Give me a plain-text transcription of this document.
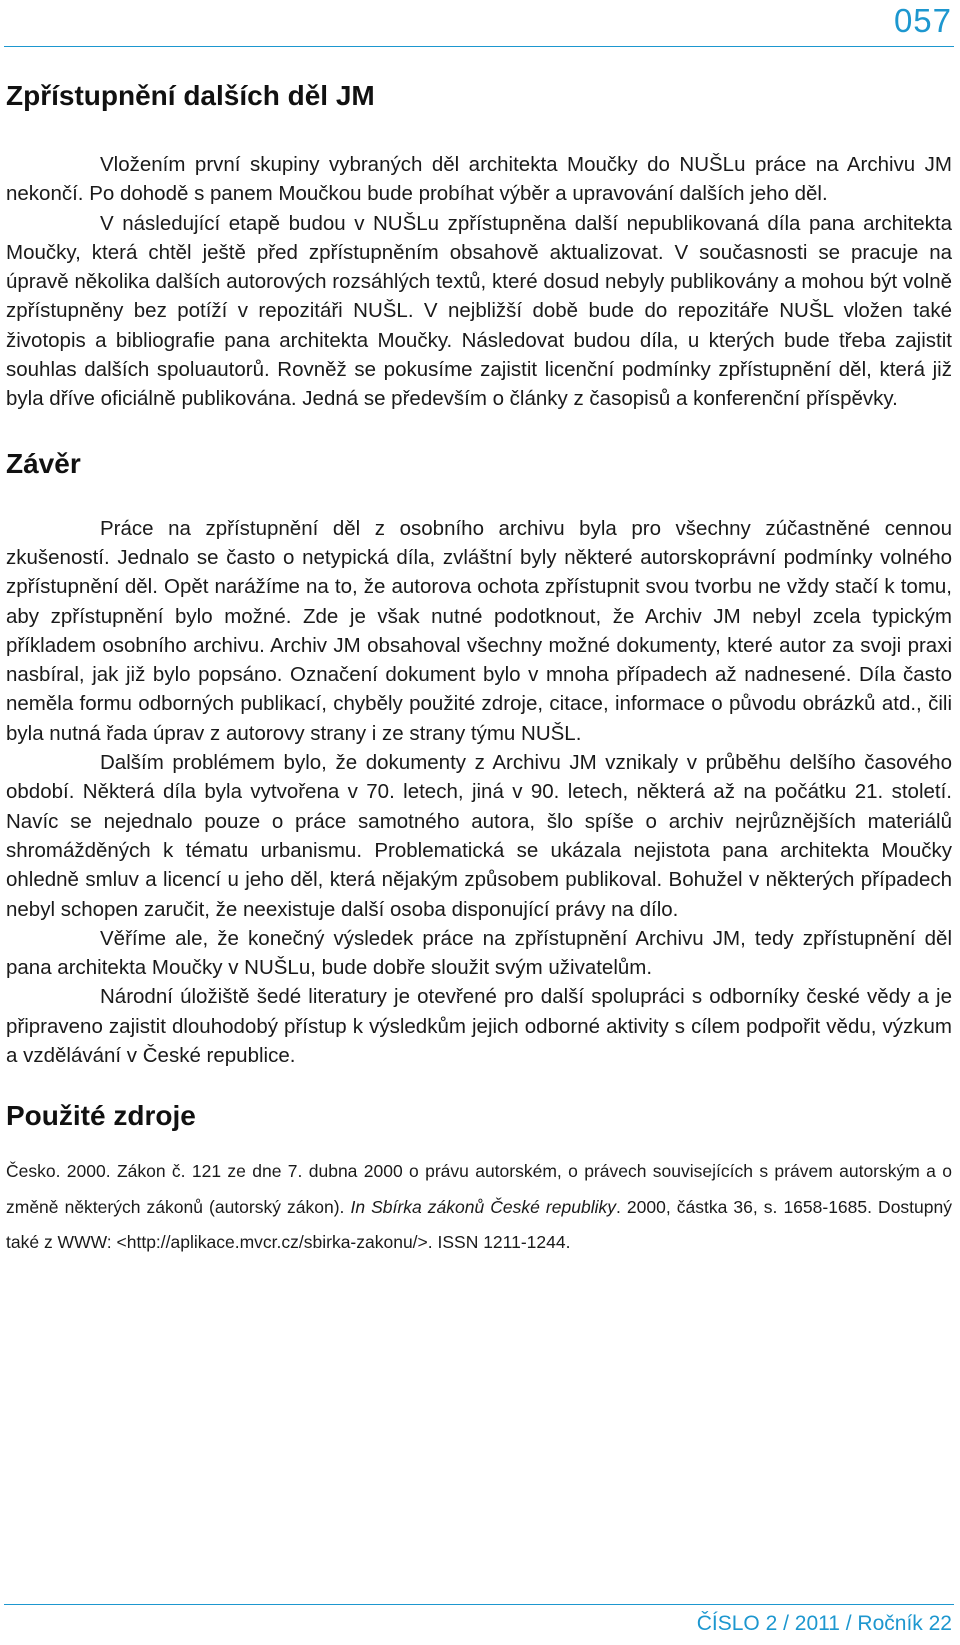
057
Zpřístupnění dalších děl JM

Vložením první skupiny vybraných děl architekta Moučky do NUŠLu práce na Archivu JM nekončí. Po dohodě s panem Moučkou bude probíhat výběr a upravování dalších jeho děl.

V následující etapě budou v NUŠLu zpřístupněna další nepublikovaná díla pana architekta Moučky, která chtěl ještě před zpřístupněním obsahově aktualizovat. V současnosti se pracuje na úpravě několika dalších autorových rozsáhlých textů, které dosud nebyly publikovány a mohou být volně zpřístupněny bez potíží v repozitáři NUŠL. V nejbližší době bude do repozitáře NUŠL vložen také životopis a bibliografie pana architekta Moučky. Následovat budou díla, u kterých bude třeba zajistit souhlas dalších spoluautorů. Rovněž se pokusíme zajistit licenční podmínky zpřístupnění děl, která již byla dříve oficiálně publikována. Jedná se především o články z časopisů a konferenční příspěvky.

Závěr

Práce na zpřístupnění děl z osobního archivu byla pro všechny zúčastněné cennou zkušeností. Jednalo se často o netypická díla, zvláštní byly některé autorskoprávní podmínky volného zpřístupnění děl. Opět narážíme na to, že autorova ochota zpřístupnit svou tvorbu ne vždy stačí k tomu, aby zpřístupnění bylo možné. Zde je však nutné podotknout, že Archiv JM nebyl zcela typickým příkladem osobního archivu. Archiv JM obsahoval všechny možné dokumenty, které autor za svoji praxi nasbíral, jak již bylo popsáno. Označení dokument bylo v mnoha případech až nadnesené. Díla často neměla formu odborných publikací, chyběly použité zdroje, citace, informace o původu obrázků atd., čili byla nutná řada úprav z autorovy strany i ze strany týmu NUŠL.

Dalším problémem bylo, že dokumenty z Archivu JM vznikaly v průběhu delšího časového období. Některá díla byla vytvořena v 70. letech, jiná v 90. letech, některá až na počátku 21. století. Navíc se nejednalo pouze o práce samotného autora, šlo spíše o archiv nejrůznějších materiálů shromážděných k tématu urbanismu. Problematická se ukázala nejistota pana architekta Moučky ohledně smluv a licencí u jeho děl, která nějakým způsobem publikoval. Bohužel v některých případech nebyl schopen zaručit, že neexistuje další osoba disponující právy na dílo.

Věříme ale, že konečný výsledek práce na zpřístupnění Archivu JM, tedy zpřístupnění děl pana architekta Moučky v NUŠLu, bude dobře sloužit svým uživatelům.

Národní úložiště šedé literatury je otevřené pro další spolupráci s odborníky české vědy a je připraveno zajistit dlouhodobý přístup k výsledkům jejich odborné aktivity s cílem podpořit vědu, výzkum a vzdělávání v České republice.

Použité zdroje

Česko. 2000. Zákon č. 121 ze dne 7. dubna 2000 o právu autorském, o právech souvisejících s právem autorským a o změně některých zákonů (autorský zákon). In Sbírka zákonů České republiky. 2000, částka 36, s. 1658-1685. Dostupný také z WWW: <http://aplikace.mvcr.cz/sbirka-zakonu/>. ISSN 1211-1244.

ČÍSLO 2 / 2011 / Ročník 22
